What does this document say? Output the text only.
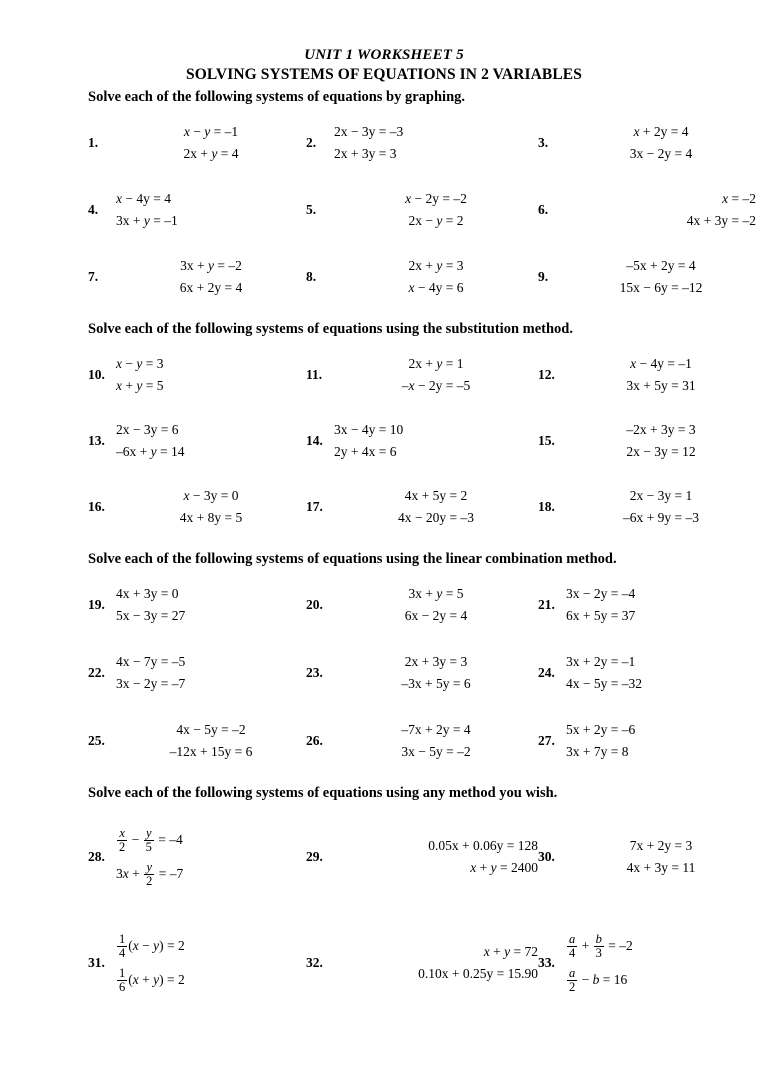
UNIT 1 WORKSHEET 5
SOLVING SYSTEMS OF EQUATIONS IN 2 VARIABLES
Solve each of the following systems of equations by graphing.
1.
x − y = –1
2x + y = 4
2.
2x − 3y = –3
2x + 3y = 3
3.
x + 2y = 4
3x − 2y = 4
4.
x − 4y = 4
3x + y = –1
5.
x − 2y = –2
2x − y = 2
6.
x = –2
4x + 3y = –2
7.
3x + y = –2
6x + 2y = 4
8.
2x + y = 3
x − 4y = 6
9.
–5x + 2y = 4
15x − 6y = –12
Solve each of the following systems of equations using the substitution method.
10.
x − y = 3
x + y = 5
11.
2x + y = 1
–x − 2y = –5
12.
x − 4y = –1
3x + 5y = 31
13.
2x − 3y = 6
–6x + y = 14
14.
3x − 4y = 10
2y + 4x = 6
15.
–2x + 3y = 3
2x − 3y = 12
16.
x − 3y = 0
4x + 8y = 5
17.
4x + 5y = 2
4x − 20y = –3
18.
2x − 3y = 1
–6x + 9y = –3
Solve each of the following systems of equations using the linear combination method.
19.
4x + 3y = 0
5x − 3y = 27
20.
3x + y = 5
6x − 2y = 4
21.
3x − 2y = –4
6x + 5y = 37
22.
4x − 7y = –5
3x − 2y = –7
23.
2x + 3y = 3
–3x + 5y = 6
24.
3x + 2y = –1
4x − 5y = –32
25.
4x − 5y = –2
–12x + 15y = 6
26.
–7x + 2y = 4
3x − 5y = –2
27.
5x + 2y = –6
3x + 7y = 8
Solve each of the following systems of equations using any method you wish.
28.
$\frac{x}{2} - \frac{y}{5} = -4$
$3x + \frac{y}{2} = -7$
29.
0.05x + 0.06y = 128
x + y = 2400
30.
7x + 2y = 3
4x + 3y = 11
31.
$\frac{1}{4} (x - y) = 2$

$\frac{1}{6} (x + y) = 2$
32.
x + y = 72
0.10x + 0.25y = 15.90
33.
$\frac{a}{4} + \frac{b}{3} = -2$

$\frac{a}{2} - b = 16$
